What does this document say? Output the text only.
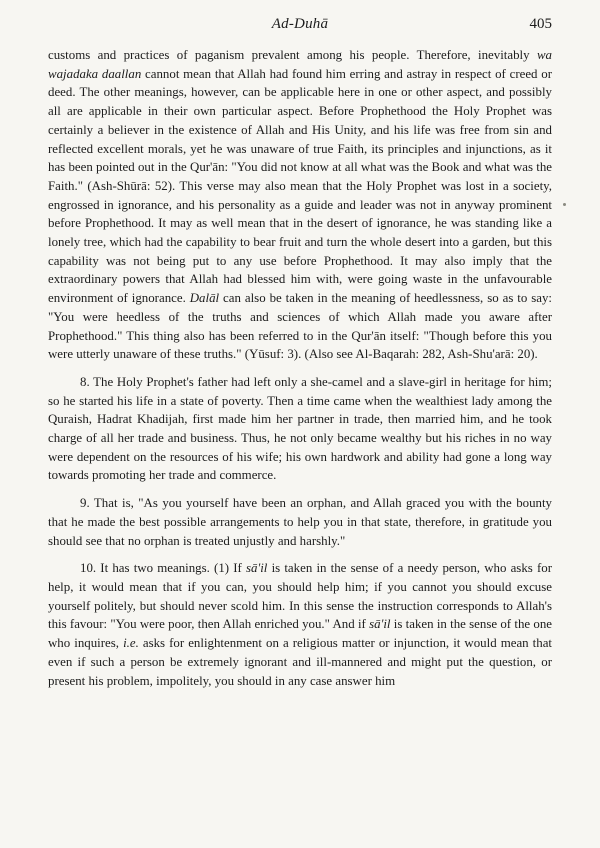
Ad-Duhā	405

customs and practices of paganism prevalent among his people. Therefore, inevitably wa wajadaka daallan cannot mean that Allah had found him erring and astray in respect of creed or deed. The other meanings, however, can be applicable here in one or other aspect, and possibly all are applicable in their own particular aspect. Before Prophethood the Holy Prophet was certainly a believer in the existence of Allah and His Unity, and his life was free from sin and reflected excellent morals, yet he was unaware of true Faith, its principles and injunctions, as it has been pointed out in the Qur'ān: "You did not know at all what was the Book and what was the Faith." (Ash-Shūrā: 52). This verse may also mean that the Holy Prophet was lost in a society, engrossed in ignorance, and his personality as a guide and leader was not in anyway prominent before Prophethood. It may as well mean that in the desert of ignorance, he was standing like a lonely tree, which had the capability to bear fruit and turn the whole desert into a garden, but this capability was not being put to any use before Prophethood. It may also imply that the extraordinary powers that Allah had blessed him with, were going waste in the unfavourable environment of ignorance. Dalāl can also be taken in the meaning of heedlessness, so as to say: "You were heedless of the truths and sciences of which Allah made you aware after Prophethood." This thing also has been referred to in the Qur'ān itself: "Though before this you were utterly unaware of these truths." (Yūsuf: 3). (Also see Al-Baqarah: 282, Ash-Shu'arā: 20).

8. The Holy Prophet's father had left only a she-camel and a slave-girl in heritage for him; so he started his life in a state of poverty. Then a time came when the wealthiest lady among the Quraish, Hadrat Khadijah, first made him her partner in trade, then married him, and he took charge of all her trade and business. Thus, he not only became wealthy but his riches in no way were dependent on the resources of his wife; his own hardwork and ability had gone a long way towards promoting her trade and commerce.

9. That is, "As you yourself have been an orphan, and Allah graced you with the bounty that he made the best possible arrangements to help you in that state, therefore, in gratitude you should see that no orphan is treated unjustly and harshly."

10. It has two meanings. (1) If sā'il is taken in the sense of a needy person, who asks for help, it would mean that if you can, you should help him; if you cannot you should excuse yourself politely, but should never scold him. In this sense the instruction corresponds to Allah's this favour: "You were poor, then Allah enriched you." And if sā'il is taken in the sense of the one who inquires, i.e. asks for enlightenment on a religious matter or injunction, it would mean that even if such a person be extremely ignorant and ill-mannered and might put the question, or present his problem, impolitely, you should in any case answer him
